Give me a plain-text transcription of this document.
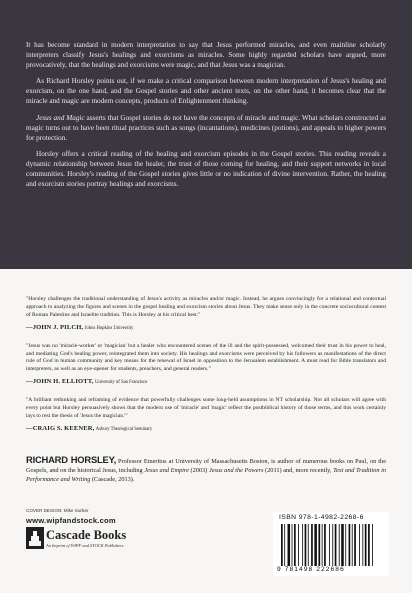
It has become standard in modern interpretation to say that Jesus performed miracles, and even mainline scholarly interpreters classify Jesus's healings and exorcisms as miracles. Some highly regarded scholars have argued, more provocatively, that the healings and exorcisms were magic, and that Jesus was a magician.

As Richard Horsley points out, if we make a critical comparison between modern interpretation of Jesus's healing and exorcism, on the one hand, and the Gospel stories and other ancient texts, on the other hand, it becomes clear that the miracle and magic are modern concepts, products of Enlightenment thinking.

Jesus and Magic asserts that Gospel stories do not have the concepts of miracle and magic. What scholars constructed as magic turns out to have been ritual practices such as songs (incantations), medicines (potions), and appeals to higher powers for protection.

Horsley offers a critical reading of the healing and exorcism episodes in the Gospel stories. This reading reveals a dynamic relationship between Jesus the healer, the trust of those coming for healing, and their support networks in local communities. Horsley's reading of the Gospel stories gives little or no indication of divine intervention. Rather, the healing and exorcism stories portray healings and exorcisms.

"Horsley challenges the traditional understanding of Jesus's activity as miracles and/or magic. Instead, he argues convincingly for a relational and contextual approach to analyzing the figures and scenes in the gospel healing and exorcism stories about Jesus. They make sense only in the concrete sociocultural contest of Roman Palestine and Israelite tradition. This is Horsley at his critical best."

—JOHN J. PILCH, Johns Hopkins University

"Jesus was no 'miracle-worker' or 'magician' but a healer who encountered scenes of the ill and the spirit-possessed, welcomed their trust in his power to heal, and mediating God's healing power, reintegrated them into society. His healings and exorcisms were perceived by his followers as manifestations of the direct rule of God in human community and key means for the renewal of Israel in opposition to the Jerusalem establishment. A must read for Bible translators and interpreters, as well as an eye-opener for students, preachers, and general readers."

—JOHN H. ELLIOTT, University of San Francisco

"A brilliant rethinking and reframing of evidence that powerfully challenges some long-held assumptions in NT scholarship. Not all scholars will agree with every point but Horsley persuasively shows that the modern use of 'miracle' and 'magic' reflect the postbiblical history of those terms, and this work certainly lays to rest the thesis of 'Jesus the magician.'"

—CRAIG S. KEENER, Asbury Theological Seminary
RICHARD HORSLEY, Professor Emeritus at University of Massachusetts Boston, is author of numerous books on Paul, on the Gospels, and on the historical Jesus, including Jesus and Empire (2003) Jesus and the Powers (2011) and, more recently, Text and Tradition in Performance and Writing (Cascade, 2013).
COVER DESIGN: Mike Surber
www.wipfandstock.com
Cascade Books
An Imprint of WIPF and STOCK Publishers
ISBN 978-1-4982-2268-6
9 781498 222686
